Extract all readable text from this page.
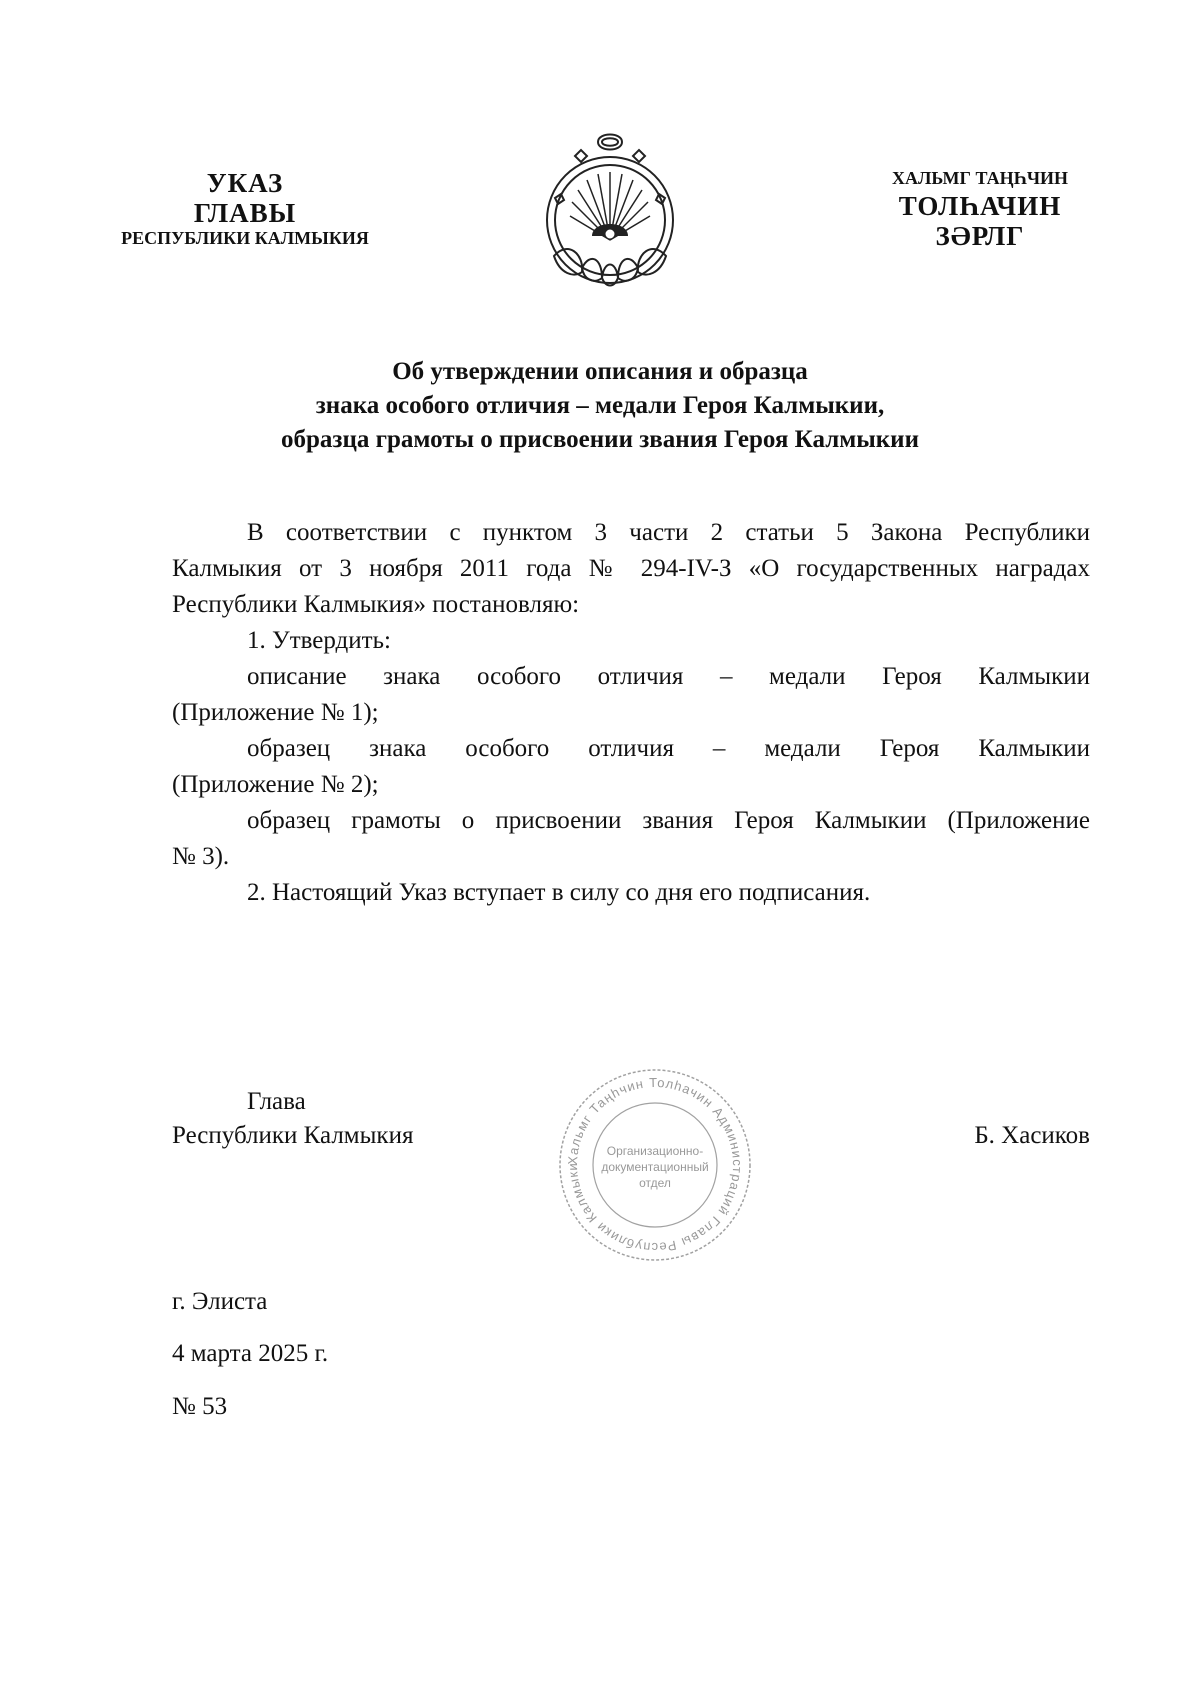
УКАЗ
ГЛАВЫ
РЕСПУБЛИКИ КАЛМЫКИЯ
ХАЛЬМГ ТАҢҺЧИН
ТОЛҺАЧИН
ЗӘРЛГ
Об утверждении описания и образца
знака особого отличия – медали Героя Калмыкии,
образца грамоты о присвоении звания Героя Калмыкии

В соответствии с пунктом 3 части 2 статьи 5 Закона Республики
Калмыкия от 3 ноября 2011 года № 294-IV-З «О государственных наградах
Республики Калмыкия» постановляю:

1. Утвердить:

описание знака особого отличия – медали Героя Калмыкии
(Приложение № 1);

образец знака особого отличия – медали Героя Калмыкии
(Приложение № 2);

образец грамоты о присвоении звания Героя Калмыкии (Приложение
№ 3).

2. Настоящий Указ вступает в силу со дня его подписания.

Глава
Республики Калмыкия	Б. Хасиков
Хальмг Таңһчин Толһачин Администраций Главы Республики Калмыки
Организационно-
документационный
отдел
г. Элиста
4 марта 2025 г.
№ 53
